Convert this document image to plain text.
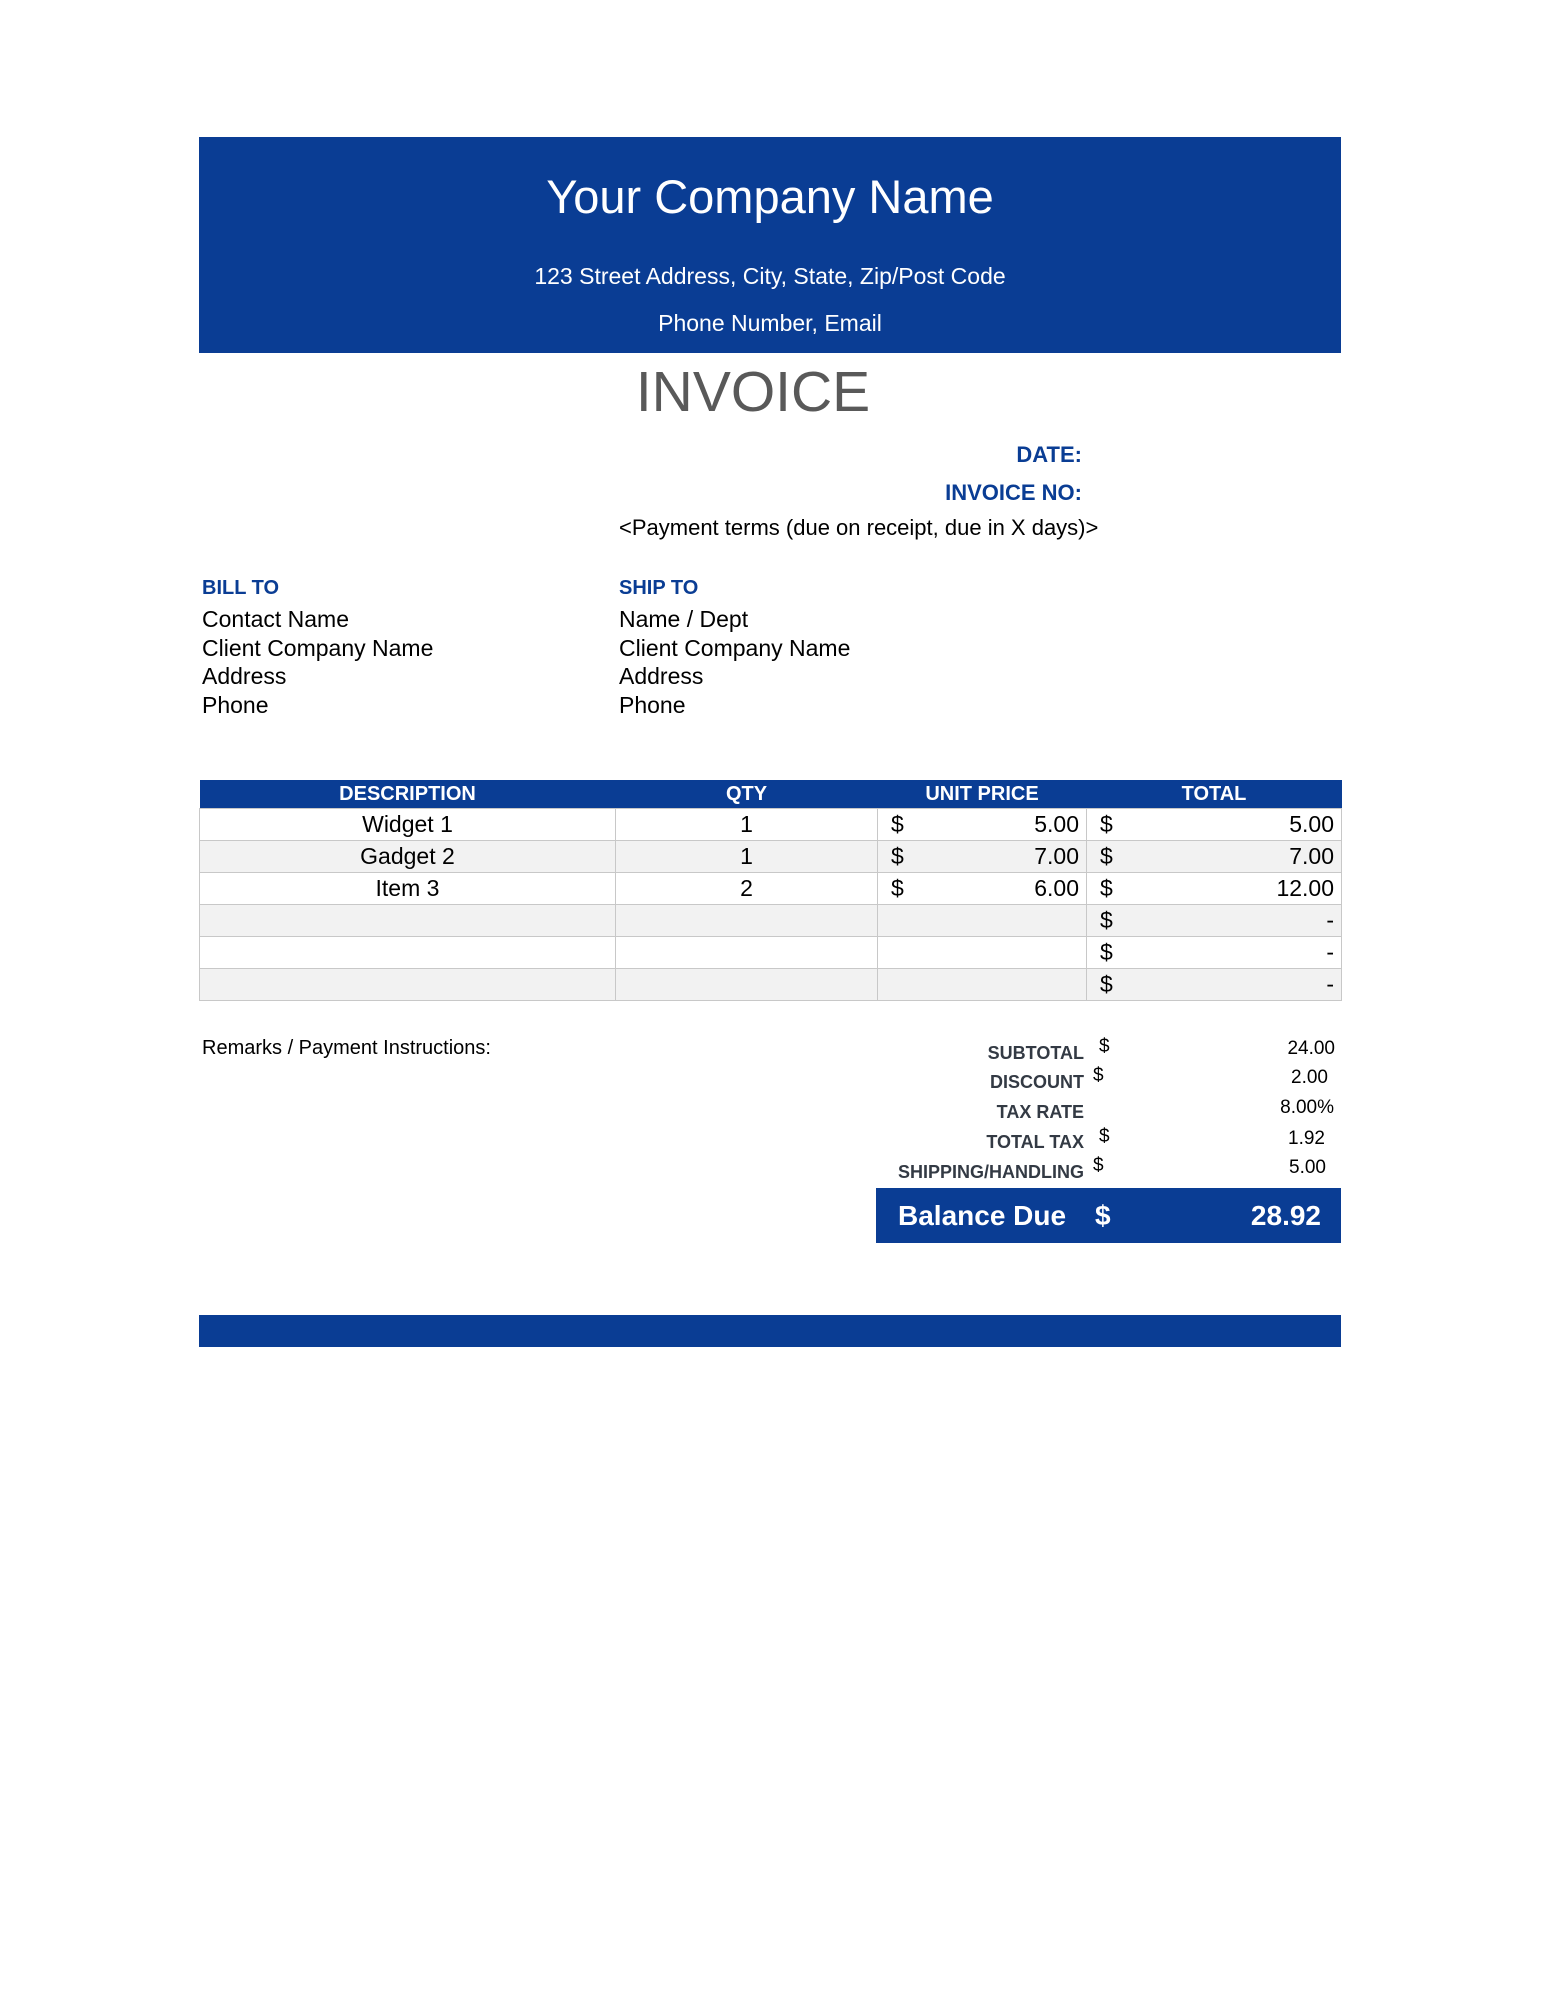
Your Company Name
123 Street Address, City, State, Zip/Post Code
Phone Number, Email
INVOICE
DATE:
INVOICE NO:
<Payment terms (due on receipt, due in X days)>
BILL TO
Contact Name
Client Company Name
Address
Phone
SHIP TO
Name / Dept
Client Company Name
Address
Phone
DESCRIPTION	QTY	UNIT PRICE	TOTAL
Widget 1	1	$ 5.00	$ 5.00

Gadget 2	1	$ 7.00	$ 7.00

Item 3	2	$ 6.00	$ 12.00

			$ -

			$ -

			$ -
Remarks / Payment Instructions:	SUBTOTAL $	24.00
DISCOUNT $	2.00
TAX RATE	8.00%
TOTAL TAX $	1.92
SHIPPING/HANDLING $	5.00
Balance Due $	28.92
